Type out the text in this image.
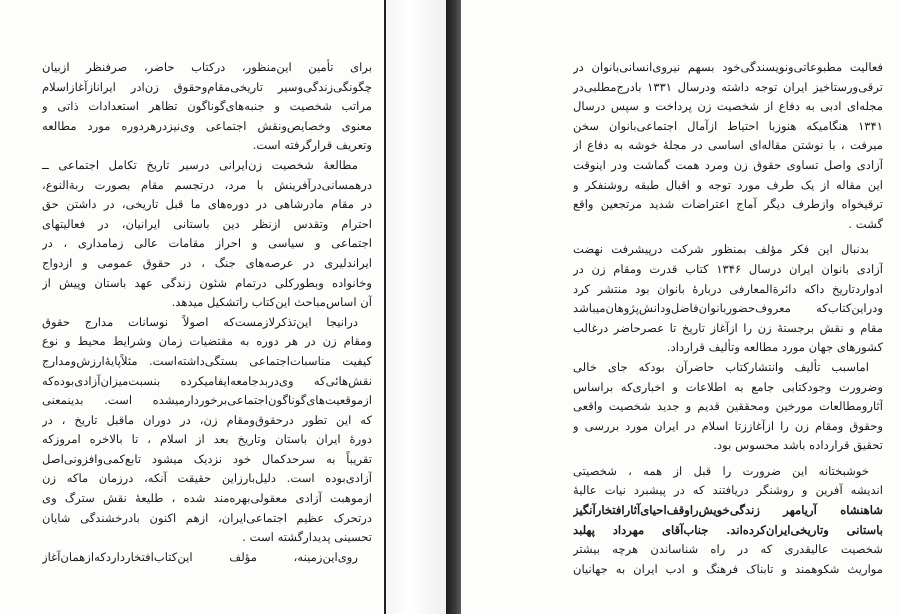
برای تأمین این‌منظور، درکتاب حاضر، صرفنظر ازبیان
چگونگی‌زندگی‌وسیر تاریخی‌مقام‌وحقوق زن‌ادر ایرانازآغازاسلام
مراتب شخصیت و جنبه‌های‌گوناگون تظاهر استعدادات ذاتی و
معنوی وخصایص‌ونقش اجتماعی وی‌نیزدرهردوره مورد مطالعه
وتعریف قرارگرفته است.
مطالعهٔ شخصیت زن‌ایرانی درسیر تاریخ تکامل اجتماعی ــ
درهمسانی‌درآفرینش با مرد، درتجسم مقام بصورت ربةالنوع،
در مقام مادرشاهی در دوره‌های ما قبل تاریخی، در داشتن حق
احترام وتقدس ازنظر دین باستانی ایرانیان، در فعالیتهای
اجتماعی و سیاسی و احراز مقامات عالی زمامداری ، در
ایراندلیری در عرصه‌های جنگ ، در حقوق عمومی و ازدواج
وخانواده وبطورکلی درتمام شئون زندگی عهد باستان وپیش از
آن اساس‌مباحث این‌کتاب راتشکیل میدهد.
درانیجا این‌تذکرلازمست‌که اصولاً نوسانات مدارج حقوق
ومقام زن در هر دوره به مقتضیات زمان وشرایط محیط و نوع
کیفیت مناسبات‌اجتماعی بستگی‌داشته‌است. مثلاًپایهٔ‌ارزش‌ومدارج
نقش‌هائی‌که وی‌دربدجامعه‌ایفامیکرده بنسبت‌میزان‌آزادی‌بوده‌که
ازموقعیت‌های‌گوناگون‌اجتماعی‌برخوردارمیشده است. بدینمعنی
که این تطور درحقوق‌ومقام زن، در دوران ماقبل تاریخ ، در
دورهٔ ایران باستان وتاریخ بعد از اسلام ، تا بالاخره امروزکه
تقریباً به سرحدکمال خود نزدیک میشود تابع‌کمی‌وافزونی‌اصل
آزادی‌بوده است. دلیل‌بارزاین حقیقت آنکه، درزمان ماکه زن
ازموهبت آزادی معقولی‌بهره‌مند شده ، طلیعهٔ نقش سترگ وی
درتحرک عظیم اجتماعی‌ایران، ازهم اکنون بادرخشندگی شایان
تحسینی پدیدارگشته است .
روی‌این‌زمینه، مؤلف این‌کتاب‌افتخارداردکه‌ازهمان‌آغاز
فعالیت مطبوعاتی‌ونویسندگی‌خود بسهم نیروی‌انسانی‌بانوان در
ترقی‌ورستاخیز ایران توجه داشته ودرسال ۱۳۳۱ بادرج‌مطلبی‌در
مجله‌ای ادبی به دفاع از شخصیت زن پرداخت و سپس درسال
۱۳۴۱ هنگامیکه هنوزبا احتیاط ازآمال اجتماعی‌بانوان سخن
میرفت ، با نوشتن مقاله‌ای اساسی در مجلهٔ خوشه به دفاع از
آزادی واصل تساوی حقوق زن ومرد همت گماشت ودر اینوقت
این مقاله از یک طرف مورد توجه و اقبال طبقه روشنفکر و
ترقیخواه وازطرف دیگر آماج اعتراضات شدید مرتجعین واقع
گشت .
بدنبال این فکر مؤلف بمنظور شرکت درپیشرفت نهضت
آزادی بانوان ایران درسال ۱۳۴۶ کتاب قدرت ومقام زن در
ادواردتاریخ داکه دائرةالمعارفی دربارهٔ بانوان بود منتشر کرد
ودراین‌کتاب‌که معروف‌حضور‌بانوان‌فاضل‌ودانش‌پژوهان‌میباشد
مقام و نقش برجستهٔ زن را ازآغاز تاریخ تا عصرحاضر درغالب
کشورهای جهان مورد مطالعه وتألیف قرارداد.
اماسبب تألیف وانتشارکتاب حاضر‌آن بودکه جای خالی
وضرورت وجودکتابی جامع به اطلاعات و اخباری‌که براساس
آثارومطالعات مورخین ومحققین قدیم و جدید شخصیت واقعی
وحقوق ومقام زن را ازآغاززتا اسلام در ایران مورد بررسی و
تحقیق قرارداده باشد محسوس بود.
خوشبختانه این ضرورت را قبل از همه ، شخصیتی
اندیشه آفرین و روشنگر دریافتند که در پیشبرد نیات عالیهٔ
شاهنشاه آریامهر زندگی‌خویش‌راوقف‌احیای‌آثارافتخارآنگیز
باستانی وتاریخی‌ایران‌کرده‌اند. جناب‌آقای مهرداد پهلبد
شخصیت عالیقدری که در راه شناساندن هرچه بیشتر
مواریث شکوهمند و تابناک فرهنگ و ادب ایران به جهانیان
